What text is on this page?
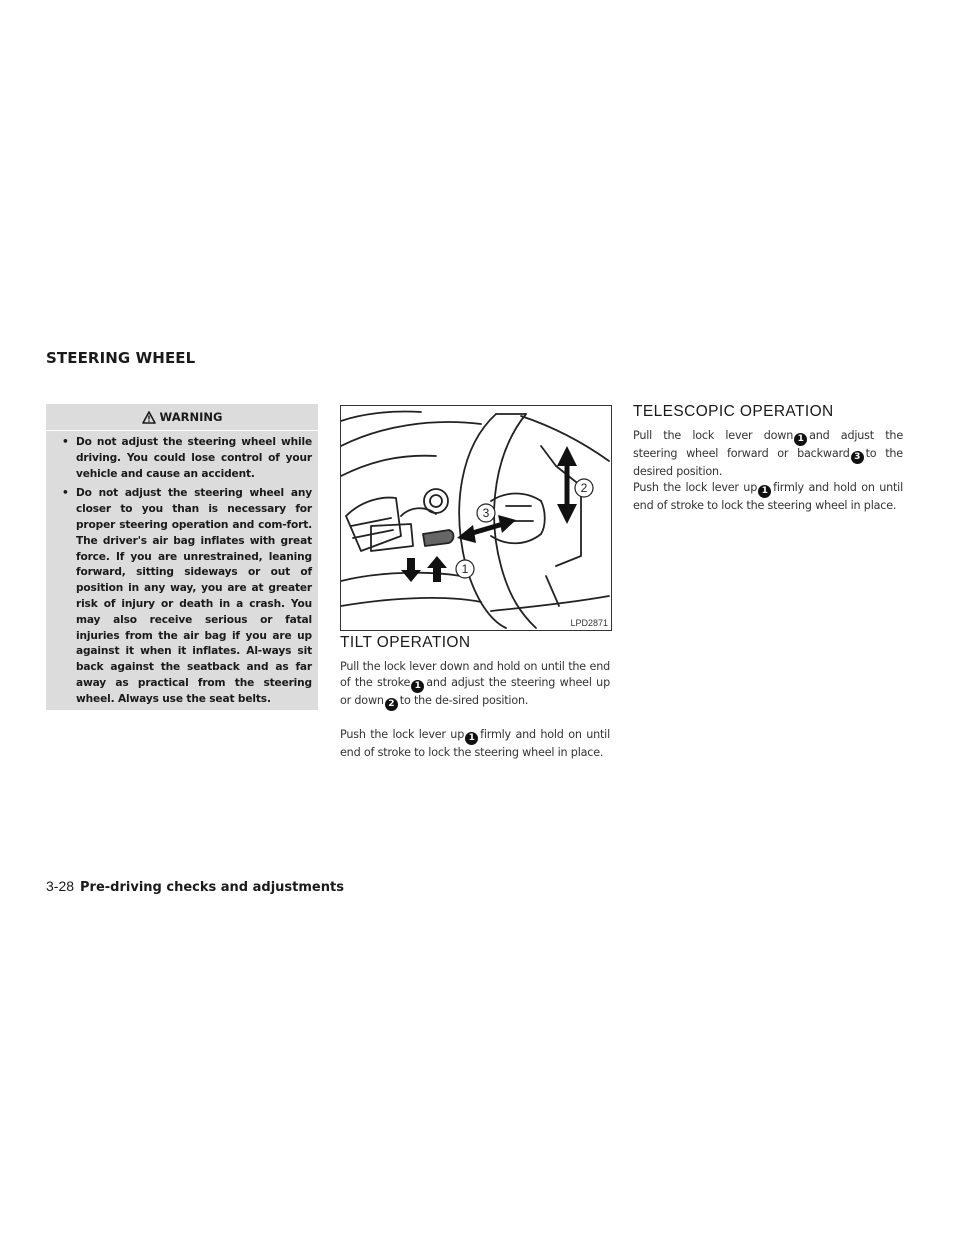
STEERING WHEEL
WARNING
• Do not adjust the steering wheel while driving. You could lose control of your vehicle and cause an accident.
• Do not adjust the steering wheel any closer to you than is necessary for proper steering operation and com-fort. The driver's air bag inflates with great force. If you are unrestrained, leaning forward, sitting sideways or out of position in any way, you are at greater risk of injury or death in a crash. You may also receive serious or fatal injuries from the air bag if you are up against it when it inflates. Al-ways sit back against the seatback and as far away as practical from the steering wheel. Always use the seat belts.
1
2
3
LPD2871
TILT OPERATION

Pull the lock lever down and hold on until the end of the stroke 1 and adjust the steering wheel up or down 2 to the de-sired position.

Push the lock lever up 1 firmly and hold on until end of stroke to lock the steering wheel in place.

TELESCOPIC OPERATION

Pull the lock lever down 1 and adjust the steering wheel forward or backward 3 to the desired position.

Push the lock lever up 1 firmly and hold on until end of stroke to lock the steering wheel in place.

3-28 Pre-driving checks and adjustments
